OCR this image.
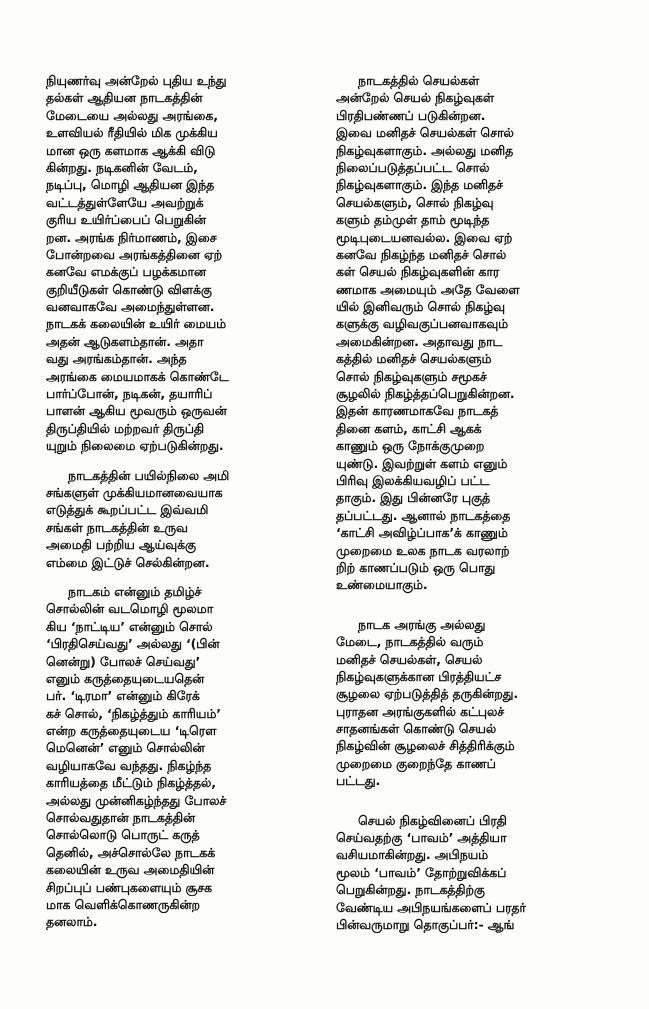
நியுணர்வு அன்றேல் புதிய உந்து
தல்கள் ஆதியன நாடகத்தின்
மேடையை அல்லது அரங்கை,
உளவியல் ரீதியில் மிக முக்கிய
மான ஒரு களமாக ஆக்கி விடு
கின்றது. நடிகனின் வேடம்,
நடிப்பு, மொழி ஆதியன இந்த
வட்டத்துள்ளேயே அவற்றுக்
குரிய உயிர்ப்பைப் பெறுகின்
றன. அரங்க நிர்மாணம், இசை
போன்றவை அரங்கத்தினை ஏற்
கனவே எமக்குப் பழக்கமான
குறியீடுகள் கொண்டு விளக்கு
வனவாகவே அமைந்துள்ளன.
நாடகக் கலையின் உயிர் மையம்
அதன் ஆடுகளம்தான். அதா
வது அரங்கம்தான். அந்த
அரங்கை மையமாகக் கொண்டே
பார்ப்போன், நடிகன், தயாரிப்
பாளன் ஆகிய மூவரும் ஒருவன்
திருப்தியில் மற்றவர் திருப்தி
யுறும் நிலைமை ஏற்படுகின்றது.
நாடகத்தின் பயில்நிலை அமி
சங்களுள் முக்கியமானவையாக
எடுத்துக் கூறப்பட்ட இவ்வமி
சங்கள் நாடகத்தின் உருவ
அமைதி பற்றிய ஆய்வுக்கு
எம்மை இட்டுச் செல்கின்றன.
நாடகம் என்னும் தமிழ்ச்
சொல்லின் வடமொழி மூலமா
கிய ‘நாட்டிய’ என்னும் சொல்
‘பிரதிசெய்வது’ அல்லது ‘(பின்
னென்று) போலச் செய்வது’
எனும் கருத்தையுடையதென்
பர். ‘டிரமா’ என்னும் கிரேக்
கச் சொல், ‘நிகழ்த்தும் காரியம்’
என்ற கருத்தையுடைய ‘டிரௌ
மெனென்’ எனும் சொல்லின்
வழியாகவே வந்தது. நிகழ்ந்த
காரியத்தை மீட்டும் நிகழ்த்தல்,
அல்லது முன்னிகழ்ந்தது போலச்
சொல்வதுதான் நாடகத்தின்
சொல்லொடு பொருட் கருத்
தெனில், அச்சொல்லே நாடகக்
கலையின் உருவ அமைதியின்
சிறப்புப் பண்புகளையும் சூசக
மாக வெளிக்கொணருகின்ற
தனலாம்.
நாடகத்தில் செயல்கள்
அன்றேல் செயல் நிகழ்வுகள்
பிரதிபண்ணப் படுகின்றன.
இவை மனிதச் செயல்கள் சொல்
நிகழ்வுகளாகும். அல்லது மனித
நிலைப்படுத்தப்பட்ட சொல்
நிகழ்வுகளாகும். இந்த மனிதச்
செயல்களும், சொல் நிகழ்வு
களும் தம்முள் தாம் மூடிந்த
மூடிபுடையனவல்ல. இவை ஏற்
கனவே நிகழ்ந்த மனிதச் சொல்
கள் செயல் நிகழ்வுகளின் கார
ணமாக அமையும் அதே வேளை
யில் இனிவரும் சொல் நிகழ்வு
களுக்கு வழிவகுப்பனவாகவும்
அமைகின்றன. அதாவது நாட
கத்தில் மனிதச் செயல்களும்
சொல் நிகழ்வுகளும் சமூகச்
சூழலில் நிகழ்த்தப்பெறுகின்றன.
இதன் காரணமாகவே நாடகத்
தினை களம், காட்சி ஆகக்
காணும் ஒரு நோக்குமுறை
யுண்டு. இவற்றுள் களம் எனும்
பிரிவு இலக்கியவழிப் பட்ட
தாகும். இது பின்னரே புகுத்
தப்பட்டது. ஆனால் நாடகத்தை
‘காட்சி அவிழ்ப்பாக’க் காணும்
முறைமை உலக நாடக வரலாற்
றிற் காணப்படும் ஒரு பொது
உண்மையாகும்.
நாடக அரங்கு அல்லது
மேடை, நாடகத்தில் வரும்
மனிதச் செயல்கள், செயல்
நிகழ்வுகளுக்கான பிரத்தியட்ச
சூழலை ஏற்படுத்தித் தருகின்றது.
புராதன அரங்குகளில் கட்புலச்
சாதனங்கள் கொண்டு செயல்
நிகழ்வின் சூழலைச் சித்திரிக்கும்
முறைமை குறைந்தே காணப்
பட்டது.
செயல் நிகழ்வினைப் பிரதி
செய்வதற்கு ‘பாவம்’ அத்தியா
வசியமாகின்றது. அபிநயம்
மூலம் ‘பாவம்’ தோற்றுவிக்கப்
பெறுகின்றது. நாடகத்திற்கு
வேண்டிய அபிநயங்களைப் பரதர்
பின்வருமாறு தொகுப்பர்:- ஆங்
